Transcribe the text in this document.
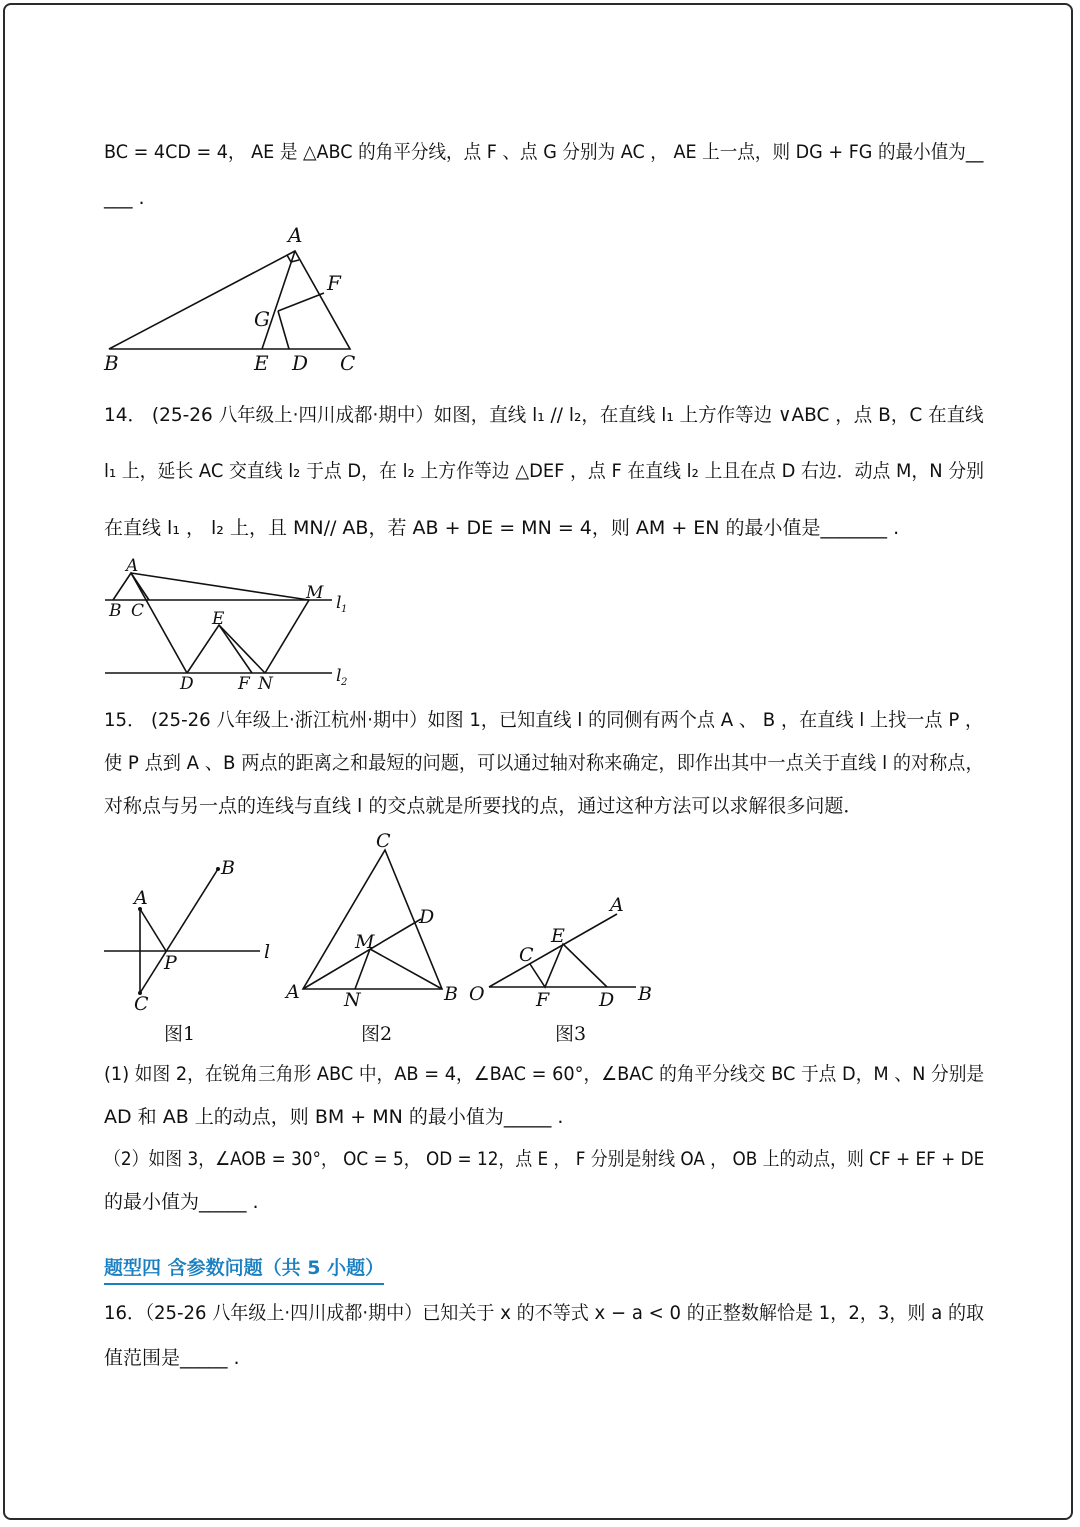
BC = 4CD = 4， AE 是 △ABC 的角平分线，点 F 、点 G 分别为 AC ， AE 上一点，则 DG + FG 的最小值为__
___ .
A
F
G
B	E D C
14． (25-26 八年级上·四川成都·期中）如图，直线 l₁ // l₂，在直线 l₁ 上方作等边 ∨ABC ，点 B，C 在直线
l₁ 上，延长 AC 交直线 l₂ 于点 D，在 l₂ 上方作等边 △DEF ，点 F 在直线 l₂ 上且在点 D 右边．动点 M，N 分别
在直线 l₁ ， l₂ 上，且 MN// AB，若 AB + DE = MN = 4，则 AM + EN 的最小值是_______ .
A
M
B C	E
D	F N
l 1
l 2
15． (25-26 八年级上·浙江杭州·期中）如图 1，已知直线 l 的同侧有两个点 A 、 B ，在直线 l 上找一点 P ，
使 P 点到 A 、B 两点的距离之和最短的问题，可以通过轴对称来确定，即作出其中一点关于直线 l 的对称点，
对称点与另一点的连线与直线 l 的交点就是所要找的点，通过这种方法可以求解很多问题．
B
A
l
P
C
图1
C
D
M
A N	B
图2
A
E
C
O	F	D B
图3
(1) 如图 2，在锐角三角形 ABC 中，AB = 4，∠BAC = 60°，∠BAC 的角平分线交 BC 于点 D，M 、N 分别是
AD 和 AB 上的动点，则 BM + MN 的最小值为_____ .
（2）如图 3，∠AOB = 30°， OC = 5， OD = 12，点 E ， F 分别是射线 OA ， OB 上的动点，则 CF + EF + DE
的最小值为_____ .
题型四 含参数问题（共 5 小题）
16．（25-26 八年级上·四川成都·期中）已知关于 x 的不等式 x − a < 0 的正整数解恰是 1，2，3，则 a 的取
值范围是_____ .
